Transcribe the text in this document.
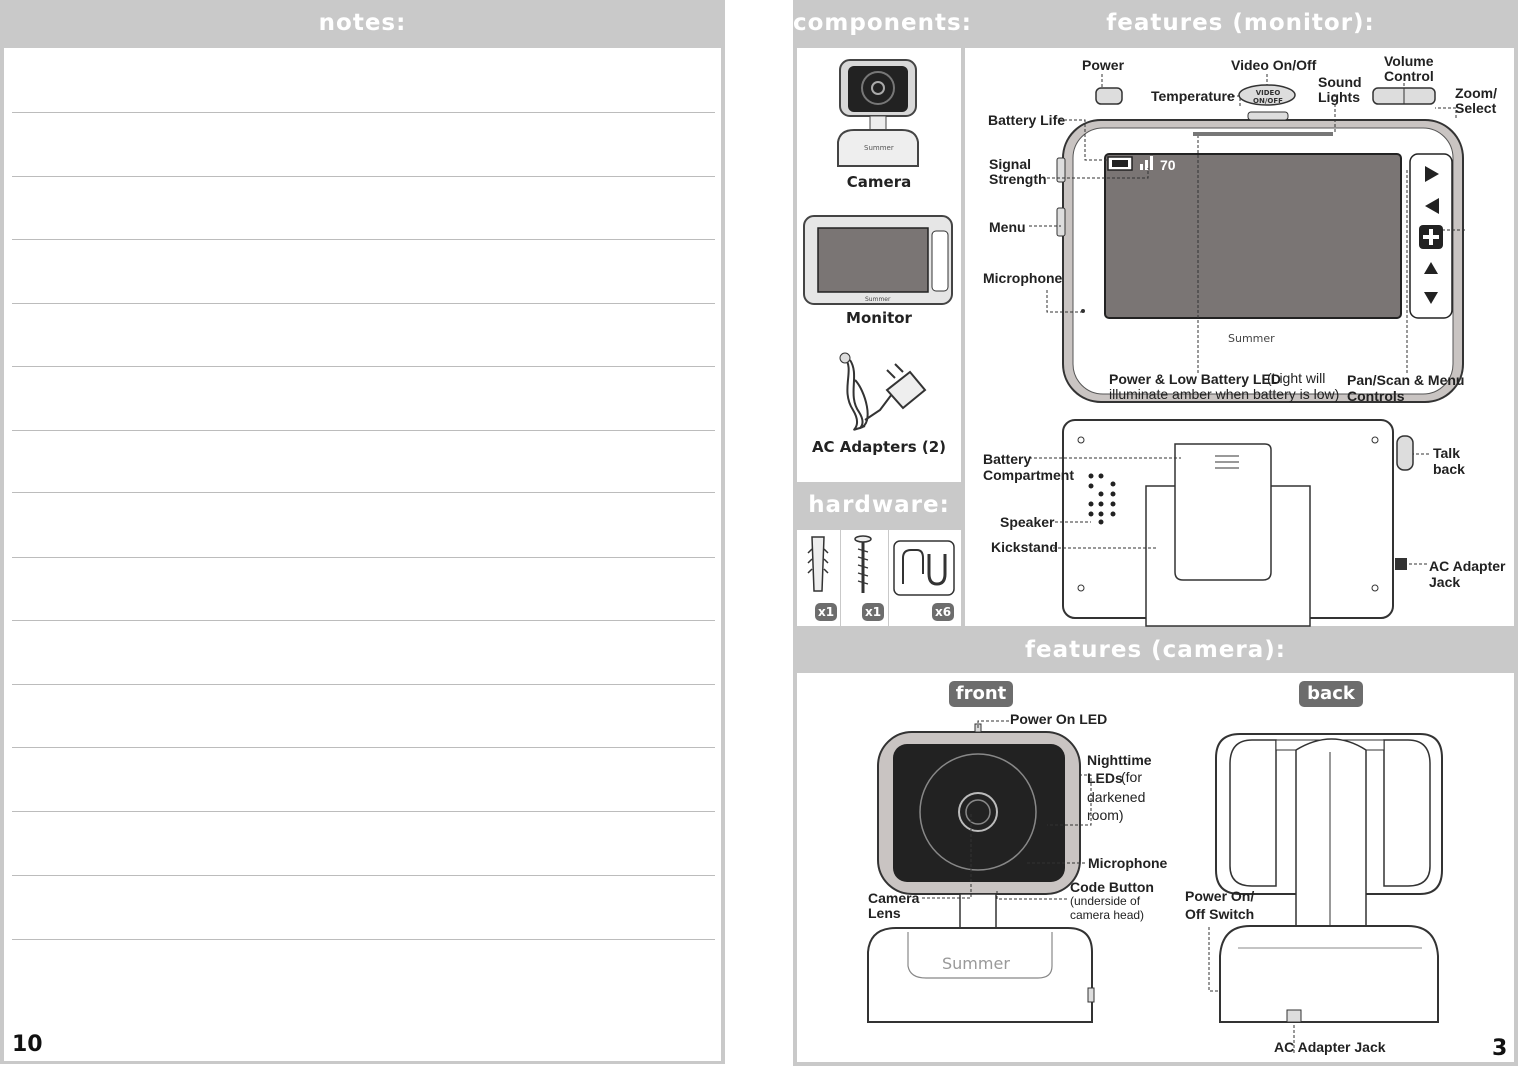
notes:
10
components:	features (monitor):
hardware:
Summer
Camera
Summer
Monitor
AC Adapters (2)
x1	x1	x6
Power	Video On/Off	Volume
Control
Sound
Lights
Temperature	Zoom/
Select
VIDEO ON/OFF
Battery Life
Signal
Strength
Menu
Microphone
70
Summer
Power & Low Battery LED
(Light will
illuminate amber when battery is low)
Pan/Scan & Menu
Controls
Battery
Compartment
Speaker
Kickstand
Talk
back
AC Adapter
Jack
features (camera):
front	back
Power On LED
Nighttime
LEDs
(for
darkened
room)
Microphone
Code Button
(underside of
camera head)
Camera
Lens
Summer
Power On/
Off Switch
AC Adapter Jack	3
